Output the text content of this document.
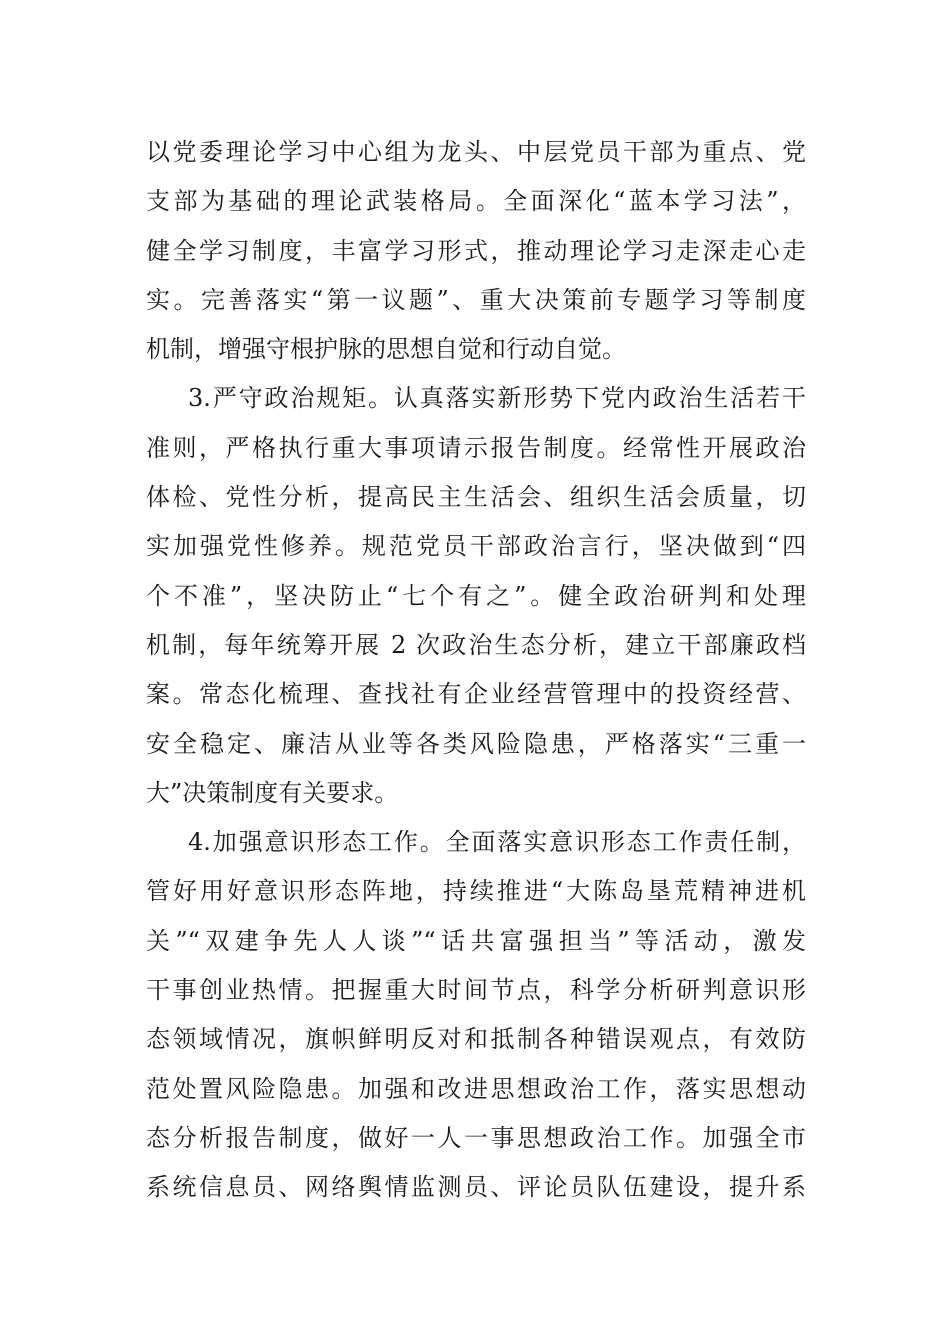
以党委理论学习中心组为龙头、中层党员干部为重点、党
支部为基础的理论武装格局。全面深化“蓝本学习法”，
健全学习制度，丰富学习形式，推动理论学习走深走心走
实。完善落实“第一议题”、重大决策前专题学习等制度
机制，增强守根护脉的思想自觉和行动自觉。
3.严守政治规矩。认真落实新形势下党内政治生活若干
准则，严格执行重大事项请示报告制度。经常性开展政治
体检、党性分析，提高民主生活会、组织生活会质量，切
实加强党性修养。规范党员干部政治言行，坚决做到“四
个不准”，坚决防止“七个有之”。健全政治研判和处理
机制，每年统筹开展 2 次政治生态分析，建立干部廉政档
案。常态化梳理、查找社有企业经营管理中的投资经营、
安全稳定、廉洁从业等各类风险隐患，严格落实“三重一
大”决策制度有关要求。
4.加强意识形态工作。全面落实意识形态工作责任制，
管好用好意识形态阵地，持续推进“大陈岛垦荒精神进机
关”“双建争先人人谈”“话共富强担当”等活动，激发
干事创业热情。把握重大时间节点，科学分析研判意识形
态领域情况，旗帜鲜明反对和抵制各种错误观点，有效防
范处置风险隐患。加强和改进思想政治工作，落实思想动
态分析报告制度，做好一人一事思想政治工作。加强全市
系统信息员、网络舆情监测员、评论员队伍建设，提升系
